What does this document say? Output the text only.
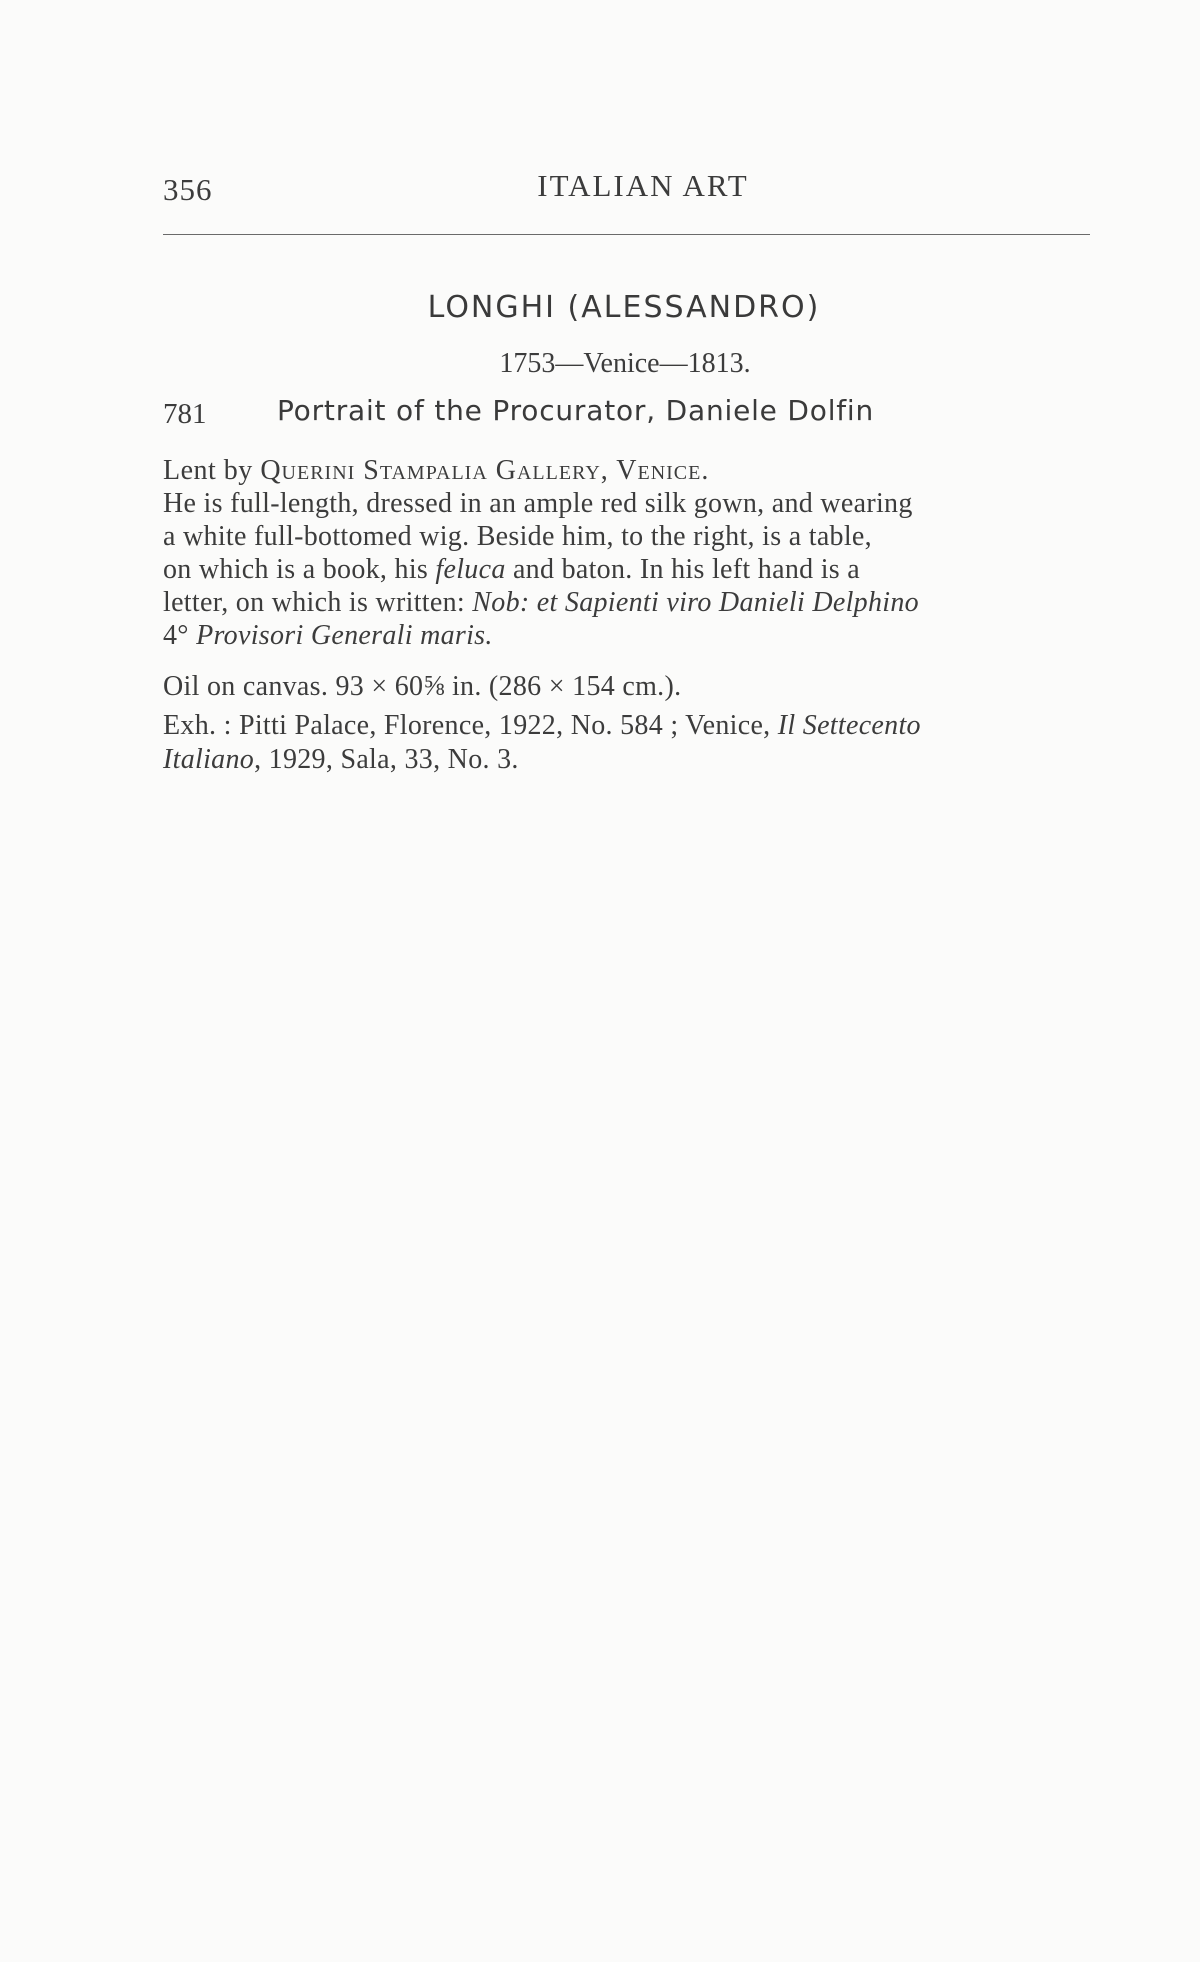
356	ITALIAN ART
LONGHI (ALESSANDRO)
1753—Venice—1813.
781	Portrait of the Procurator, Daniele Dolfin
Lent by Querini Stampalia Gallery, Venice.
He is full-length, dressed in an ample red silk gown, and wearing
a white full-bottomed wig. Beside him, to the right, is a table,
on which is a book, his feluca and baton. In his left hand is a
letter, on which is written: Nob: et Sapienti viro Danieli Delphino
4° Provisori Generali maris.
Oil on canvas. 93 × 60⅝ in. (286 × 154 cm.).
Exh. : Pitti Palace, Florence, 1922, No. 584 ; Venice, Il Settecento
Italiano, 1929, Sala, 33, No. 3.
